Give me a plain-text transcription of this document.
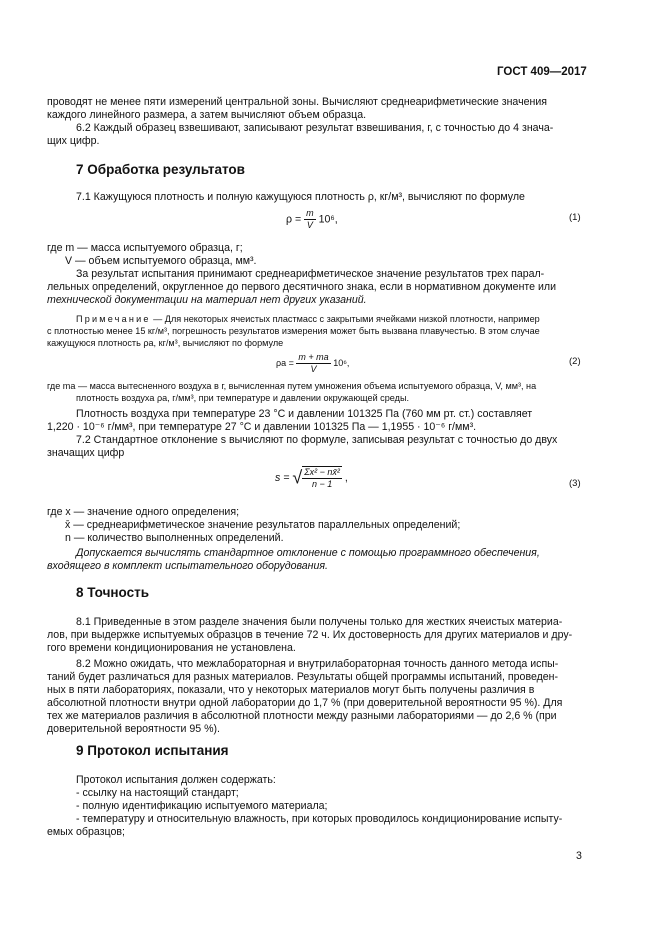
ГОСТ 409—2017
проводят не менее пяти измерений центральной зоны. Вычисляют среднеарифметические значения
каждого линейного размера, а затем вычисляют объем образца.
6.2 Каждый образец взвешивают, записывают результат взвешивания, г, с точностью до 4 знача-
щих цифр.
7 Обработка результатов
7.1 Кажущуюся плотность и полную кажущуюся плотность ρ, кг/м³, вычисляют по формуле
$\rho = \frac{m}{V} 10^6$,	(1)
где m — масса испытуемого образца, г;
V — объем испытуемого образца, мм³.
За результат испытания принимают среднеарифметическое значение результатов трех парал-
лельных определений, округленное до первого десятичного знака, если в нормативном документе или
технической документации на материал нет других указаний.
Примечание — Для некоторых ячеистых пластмасс с закрытыми ячейками низкой плотности, например
с плотностью менее 15 кг/м³, погрешность результатов измерения может быть вызвана плавучестью. В этом случае
кажущуюся плотность ρa, кг/м³, вычисляют по формуле
$\rho a = \frac{m + ma}{V} 10^6$,	(2)
где ma — масса вытесненного воздуха в г, вычисленная путем умножения объема испытуемого образца, V, мм³, на
плотность воздуха ρa, г/мм³, при температуре и давлении окружающей среды.
Плотность воздуха при температуре 23 °С и давлении 101325 Па (760 мм рт. ст.) составляет
1,220 · 10⁻⁶ г/мм³, при температуре 27 °С и давлении 101325 Па — 1,1955 · 10⁻⁶ г/мм³.
7.2 Стандартное отклонение s вычисляют по формуле, записывая результат с точностью до двух
значащих цифр
s = √ $\frac{\text{Σx² − nx̄²}}{n - 1}$ ,	(3)
где x — значение одного определения;
x̄ — среднеарифметическое значение результатов параллельных определений;
n — количество выполненных определений.
Допускается вычислять стандартное отклонение с помощью программного обеспечения,
входящего в комплект испытательного оборудования.
8 Точность
8.1 Приведенные в этом разделе значения были получены только для жестких ячеистых материа-
лов, при выдержке испытуемых образцов в течение 72 ч. Их достоверность для других материалов и дру-
гого времени кондиционирования не установлена.
8.2 Можно ожидать, что межлабораторная и внутрилабораторная точность данного метода испы-
таний будет различаться для разных материалов. Результаты общей программы испытаний, проведен-
ных в пяти лабораториях, показали, что у некоторых материалов могут быть получены различия в
абсолютной плотности внутри одной лаборатории до 1,7 % (при доверительной вероятности 95 %). Для
тех же материалов различия в абсолютной плотности между разными лабораториями — до 2,6 % (при
доверительной вероятности 95 %).
9 Протокол испытания
Протокол испытания должен содержать:
- ссылку на настоящий стандарт;
- полную идентификацию испытуемого материала;
- температуру и относительную влажность, при которых проводилось кондиционирование испыту-
емых образцов;
3
